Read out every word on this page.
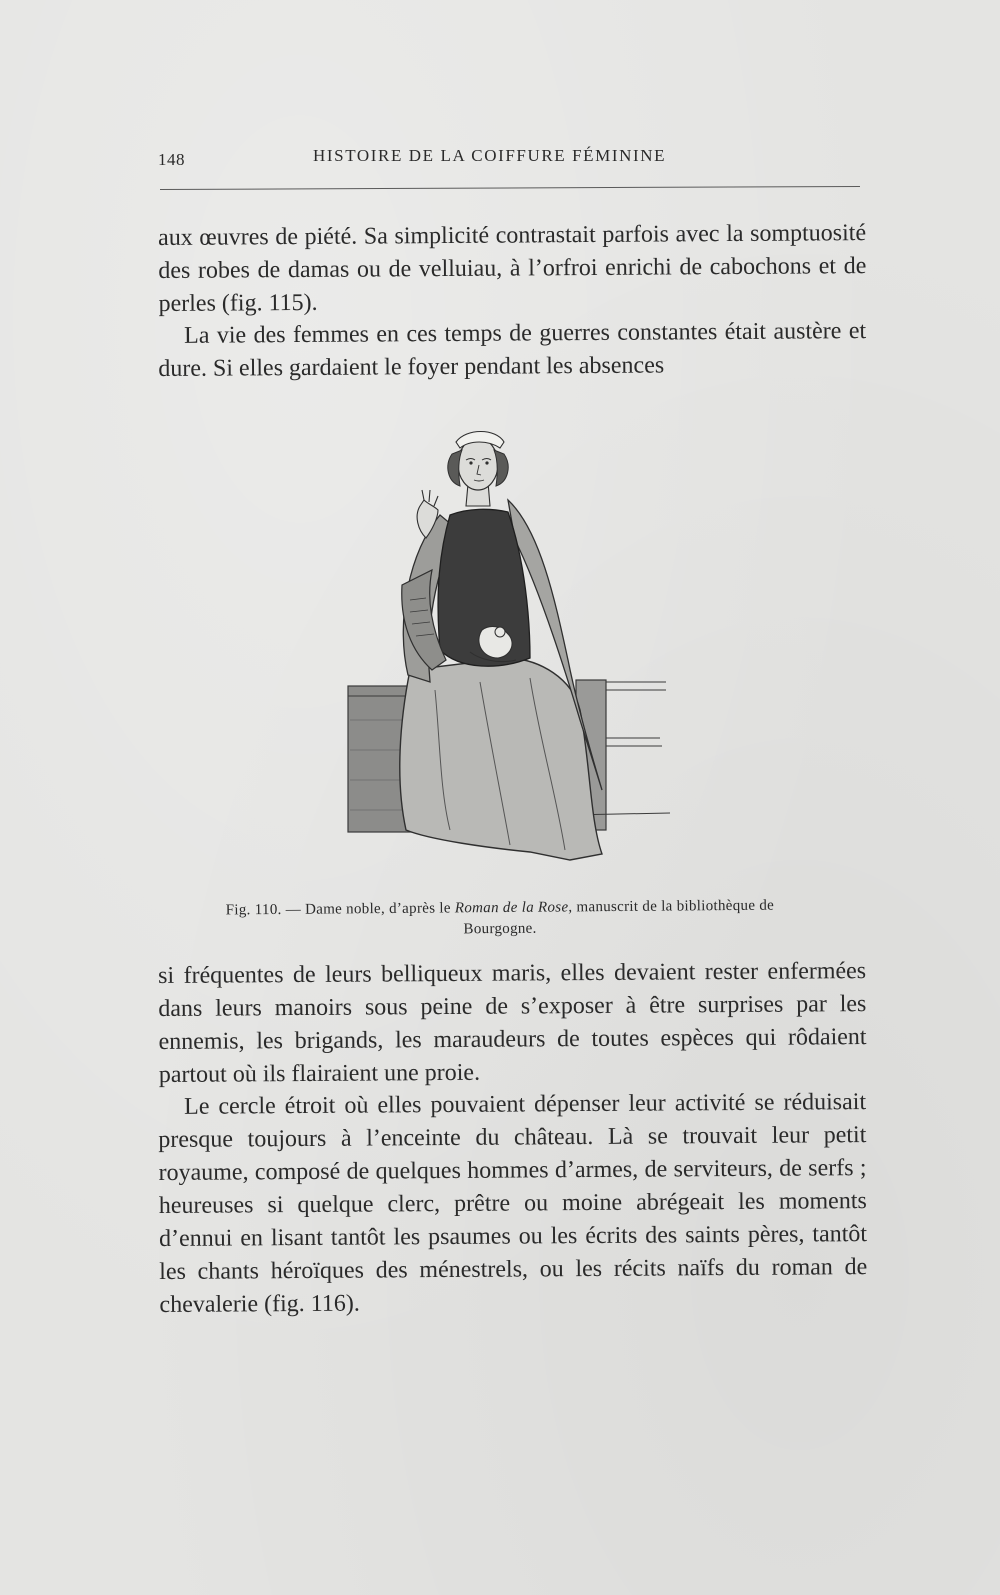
148	HISTOIRE DE LA COIFFURE FÉMININE

aux œuvres de piété. Sa simplicité contrastait parfois avec la somptuosité des robes de damas ou de velluiau, à l’orfroi enrichi de cabochons et de perles (fig. 115).

La vie des femmes en ces temps de guerres constantes était austère et dure. Si elles gardaient le foyer pendant les absences

Fig. 110. — Dame noble, d’après le Roman de la Rose, manuscrit de la bibliothèque de Bourgogne.

si fréquentes de leurs belliqueux maris, elles devaient rester enfermées dans leurs manoirs sous peine de s’exposer à être surprises par les ennemis, les brigands, les maraudeurs de toutes espèces qui rôdaient partout où ils flairaient une proie.

Le cercle étroit où elles pouvaient dépenser leur activité se réduisait presque toujours à l’enceinte du château. Là se trouvait leur petit royaume, composé de quelques hommes d’armes, de serviteurs, de serfs ; heureuses si quelque clerc, prêtre ou moine abrégeait les moments d’ennui en lisant tantôt les psaumes ou les écrits des saints pères, tantôt les chants héroïques des ménestrels, ou les récits naïfs du roman de chevalerie (fig. 116).
